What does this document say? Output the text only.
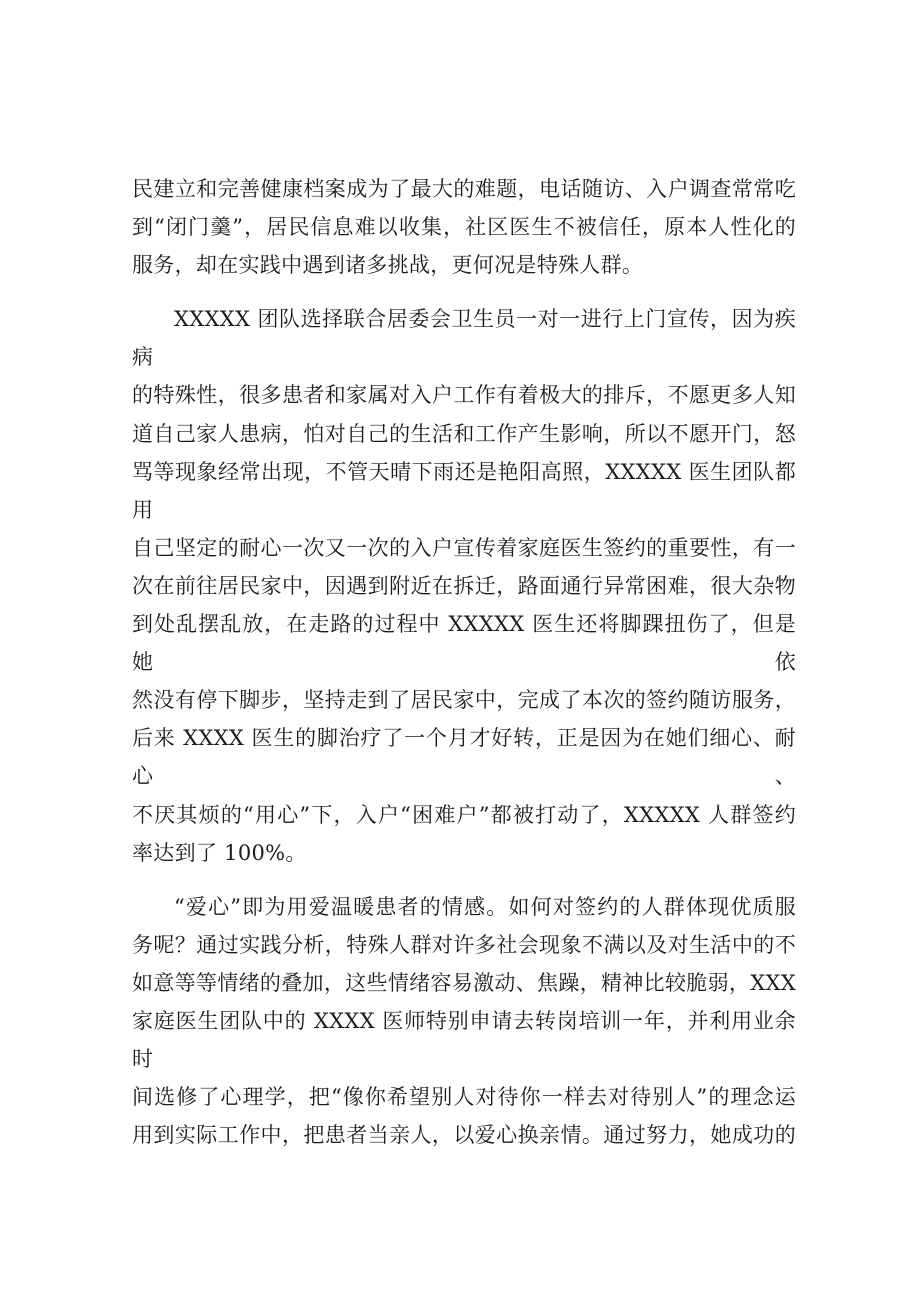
民建立和完善健康档案成为了最大的难题，电话随访、入户调查常常吃

到“闭门羹”，居民信息难以收集，社区医生不被信任，原本人性化的

服务，却在实践中遇到诸多挑战，更何况是特殊人群。

XXXXX 团队选择联合居委会卫生员一对一进行上门宣传，因为疾病

的特殊性，很多患者和家属对入户工作有着极大的排斥，不愿更多人知

道自己家人患病，怕对自己的生活和工作产生影响，所以不愿开门，怒

骂等现象经常出现，不管天晴下雨还是艳阳高照，XXXXX 医生团队都用

自己坚定的耐心一次又一次的入户宣传着家庭医生签约的重要性，有一

次在前往居民家中，因遇到附近在拆迁，路面通行异常困难，很大杂物

到处乱摆乱放，在走路的过程中 XXXXX 医生还将脚踝扭伤了，但是她依

然没有停下脚步，坚持走到了居民家中，完成了本次的签约随访服务，

后来 XXXX 医生的脚治疗了一个月才好转，正是因为在她们细心、耐心、

不厌其烦的“用心”下，入户“困难户”都被打动了，XXXXX 人群签约

率达到了 100%。

“爱心”即为用爱温暖患者的情感。如何对签约的人群体现优质服

务呢？通过实践分析，特殊人群对许多社会现象不满以及对生活中的不

如意等等情绪的叠加，这些情绪容易激动、焦躁，精神比较脆弱，XXX

家庭医生团队中的 XXXX 医师特别申请去转岗培训一年，并利用业余时

间选修了心理学，把“像你希望别人对待你一样去对待别人”的理念运

用到实际工作中，把患者当亲人，以爱心换亲情。通过努力，她成功的
